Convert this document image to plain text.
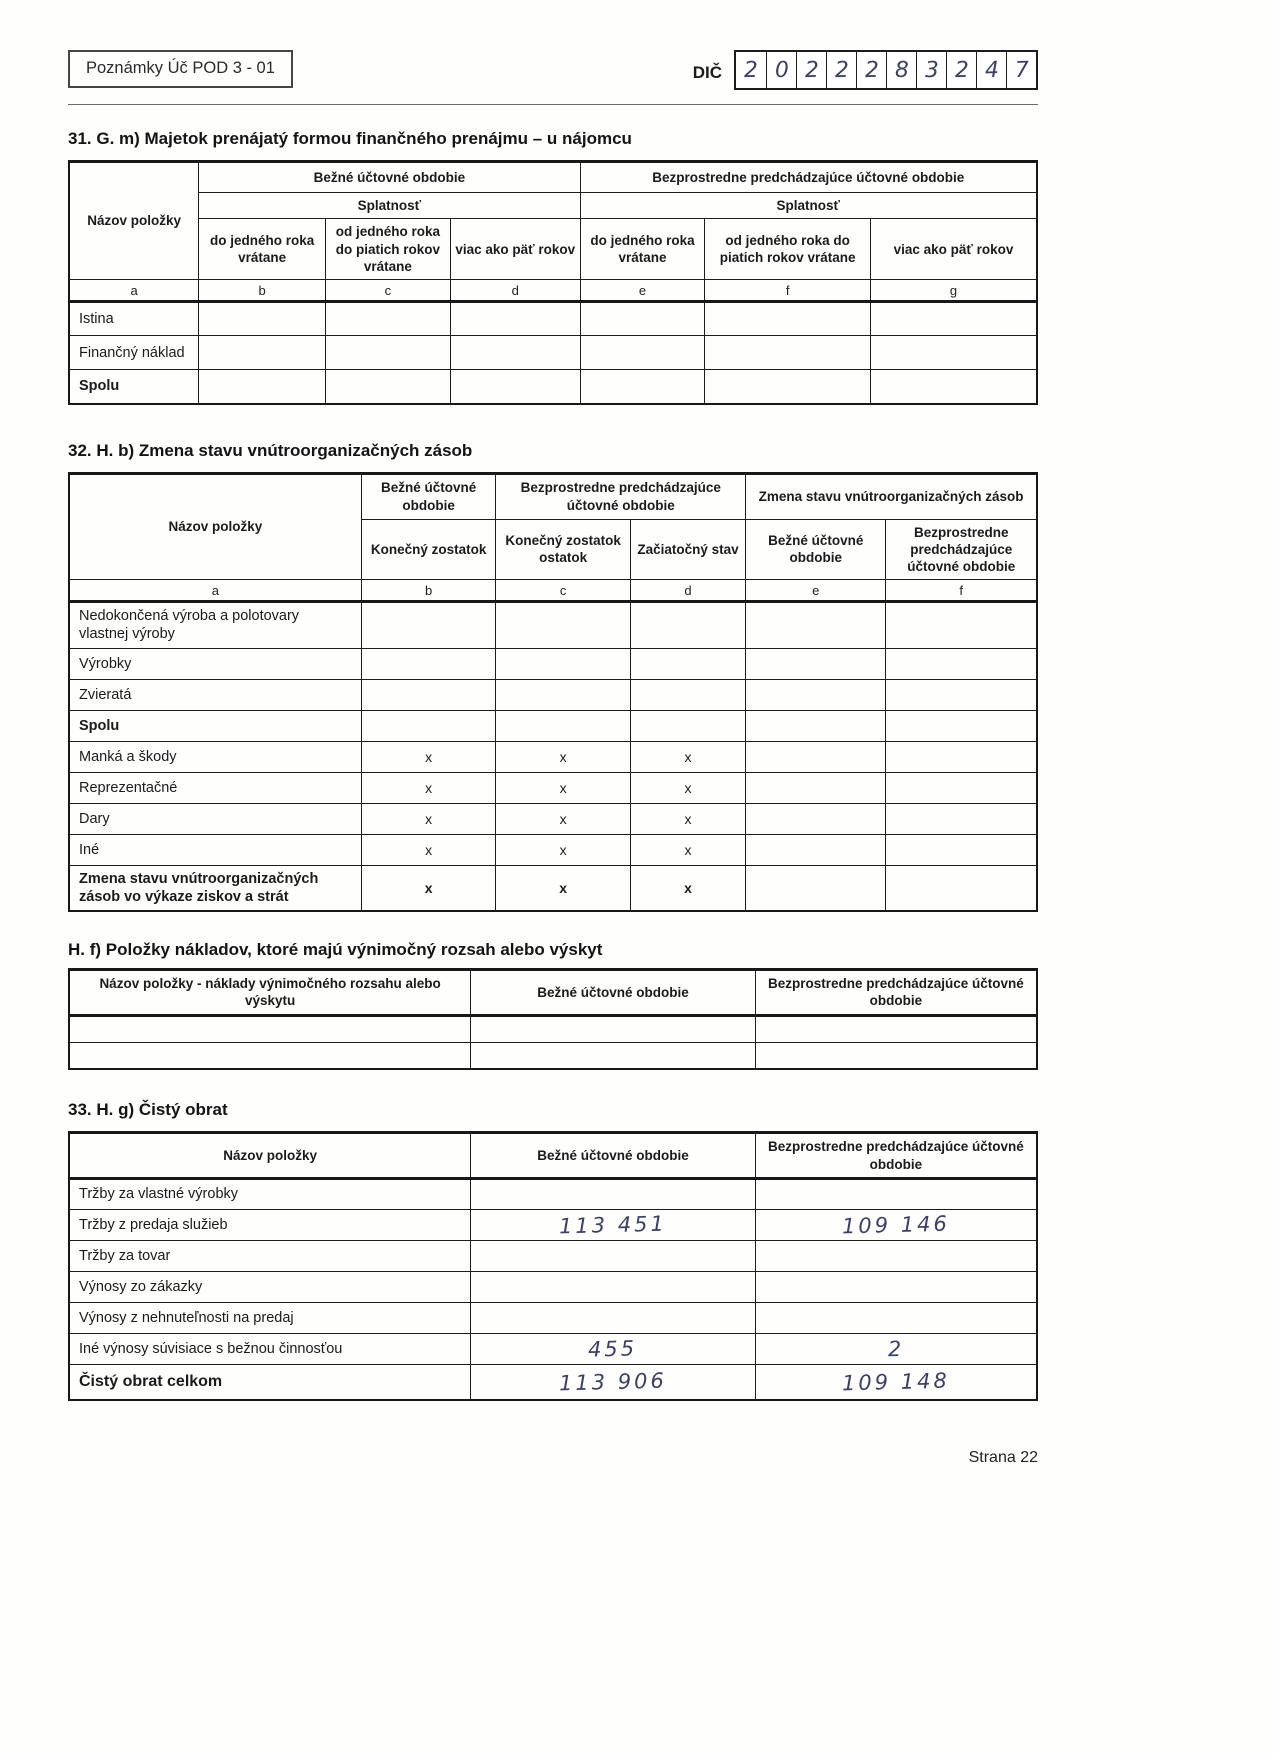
Poznámky Úč POD 3 - 01	DIČ 2 0 2 2 2 8 3 2 4 7
31. G. m) Majetok prenájatý formou finančného prenájmu – u nájomcu
Názov položky	Bežné účtovné obdobie			Bezprostredne predchádzajúce účtovné obdobie		
	Splatnosť			Splatnosť		
	do jedného roka vrátane	od jedného roka do piatich rokov vrátane	viac ako päť rokov	do jedného roka vrátane	od jedného roka do piatich rokov vrátane	viac ako päť rokov
a	b	c	d	e	f	g
Istina						
Finančný náklad						
Spolu						
32. H. b) Zmena stavu vnútroorganizačných zásob
Názov položky	Bežné účtovné obdobie	Bezprostredne predchádzajúce účtovné obdobie		Zmena stavu vnútroorganizačných zásob	
	Konečný zostatok	Konečný zostatok ostatok	Začiatočný stav	Bežné účtovné obdobie	Bezprostredne predchádzajúce účtovné obdobie
a	b	c	d	e	f
Nedokončená výroba a polotovary vlastnej výroby					
Výrobky					
Zvieratá					
Spolu					
Manká a škody	x	x	x		
Reprezentačné	x	x	x		
Dary	x	x	x		
Iné	x	x	x		
Zmena stavu vnútroorganizačných zásob vo výkaze ziskov a strát	x	x	x		
H. f) Položky nákladov, ktoré majú výnimočný rozsah alebo výskyt
Názov položky - náklady výnimočného rozsahu alebo výskytu	Bežné účtovné obdobie	Bezprostredne predchádzajúce účtovné obdobie

33. H. g) Čistý obrat
Názov položky	Bežné účtovné obdobie	Bezprostredne predchádzajúce účtovné obdobie
Tržby za vlastné výrobky		
Tržby z predaja služieb	113 451	109 146
Tržby za tovar		
Výnosy zo zákazky		
Výnosy z nehnuteľnosti na predaj		
Iné výnosy súvisiace s bežnou činnosťou	455	2
Čistý obrat celkom	113 906	109 148
Strana 22
